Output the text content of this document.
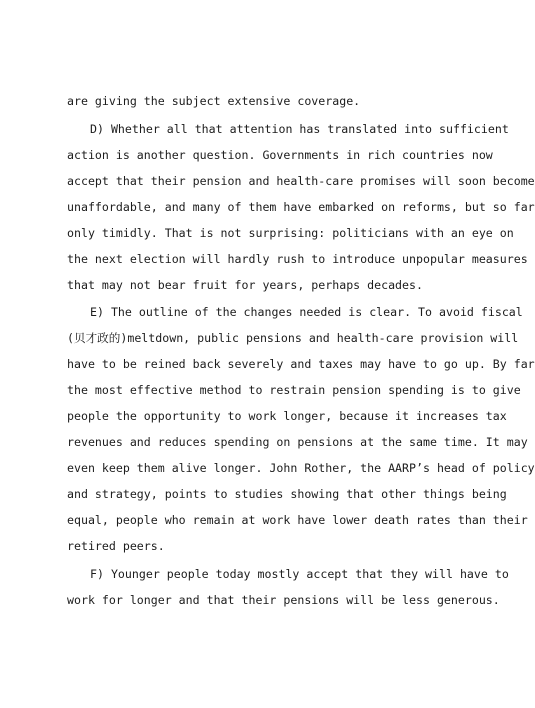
are giving the subject extensive coverage.
D) Whether all that attention has translated into sufficient
action is another question. Governments in rich countries now
accept that their pension and health-care promises will soon become
unaffordable, and many of them have embarked on reforms, but so far
only timidly. That is not surprising: politicians with an eye on
the next election will hardly rush to introduce unpopular measures
that may not bear fruit for years, perhaps decades.
E) The outline of the changes needed is clear. To avoid fiscal
(贝才政的)meltdown, public pensions and health-care provision will
have to be reined back severely and taxes may have to go up. By far
the most effective method to restrain pension spending is to give
people the opportunity to work longer, because it increases tax
revenues and reduces spending on pensions at the same time. It may
even keep them alive longer. John Rother, the AARP’s head of policy
and strategy, points to studies showing that other things being
equal, people who remain at work have lower death rates than their
retired peers.
F) Younger people today mostly accept that they will have to
work for longer and that their pensions will be less generous.
